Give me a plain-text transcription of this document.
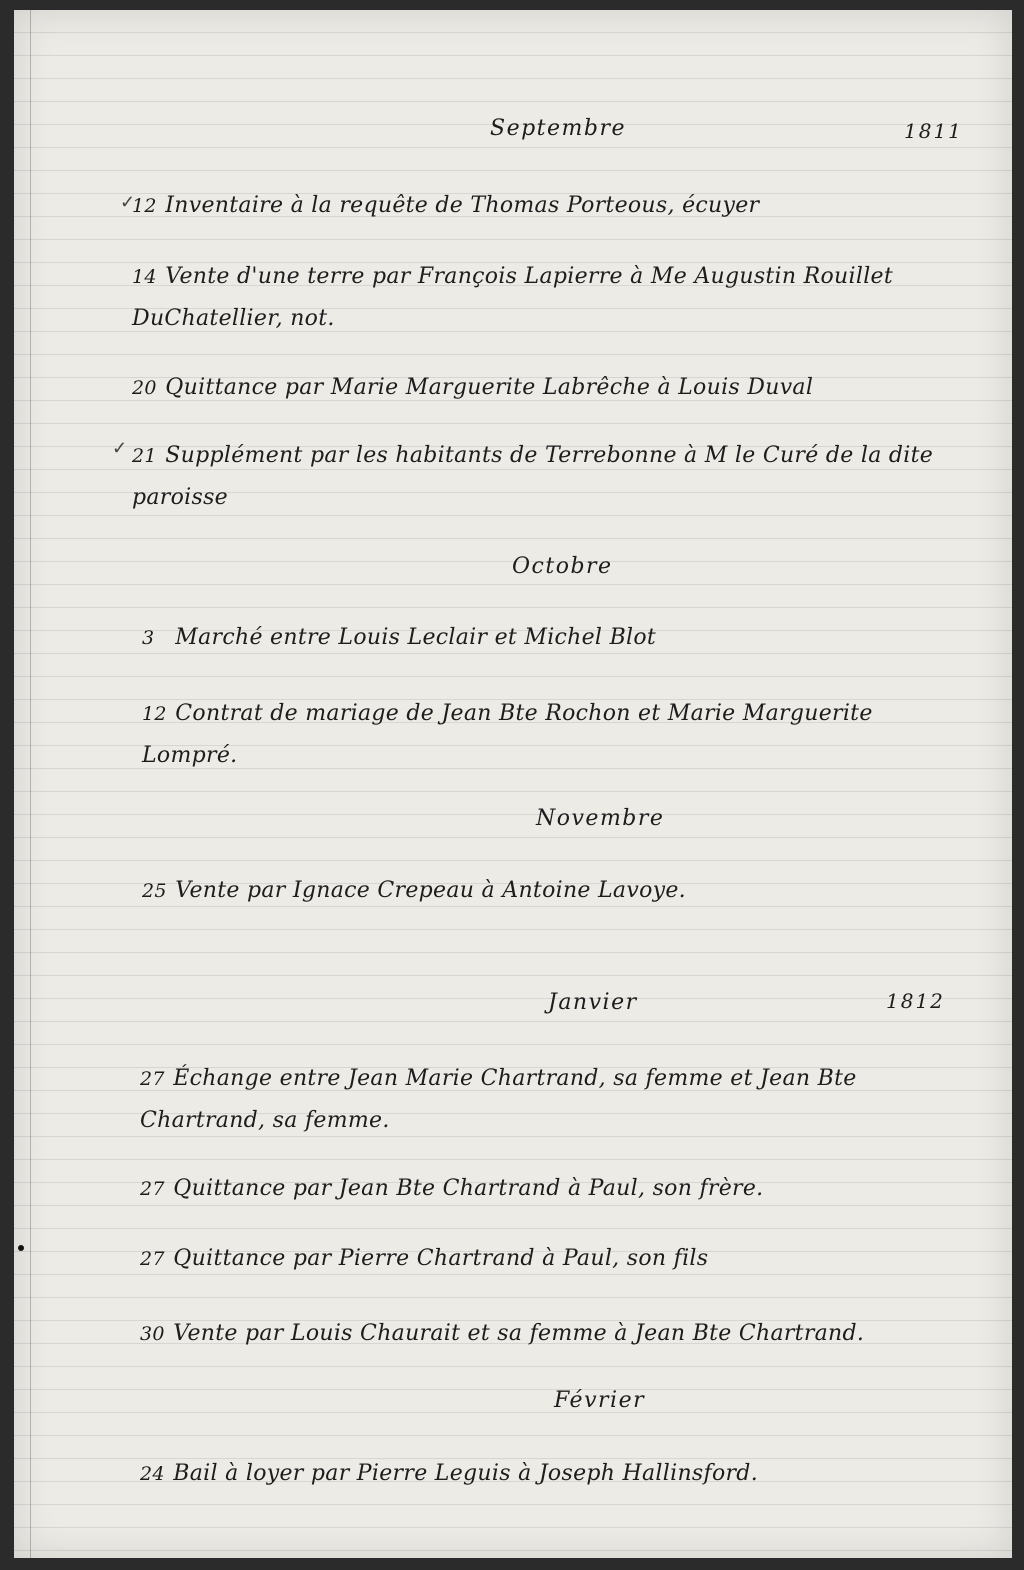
Septembre	1811
✓
12 Inventaire à la requête de Thomas Porteous, écuyer
14 Vente d'une terre par François Lapierre à Me Augustin Rouillet DuChatellier, not.
20 Quittance par Marie Marguerite Labrêche à Louis Duval
✓ 21 Supplément par les habitants de Terrebonne à M le Curé de la dite paroisse
Octobre
3 Marché entre Louis Leclair et Michel Blot
12 Contrat de mariage de Jean Bte Rochon et Marie Marguerite Lompré.
Novembre
25 Vente par Ignace Crepeau à Antoine Lavoye.
Janvier	1812
27 Échange entre Jean Marie Chartrand, sa femme et Jean Bte Chartrand, sa femme.
27 Quittance par Jean Bte Chartrand à Paul, son frère.
27 Quittance par Pierre Chartrand à Paul, son fils
30 Vente par Louis Chaurait et sa femme à Jean Bte Chartrand.
Février
24 Bail à loyer par Pierre Leguis à Joseph Hallinsford.
